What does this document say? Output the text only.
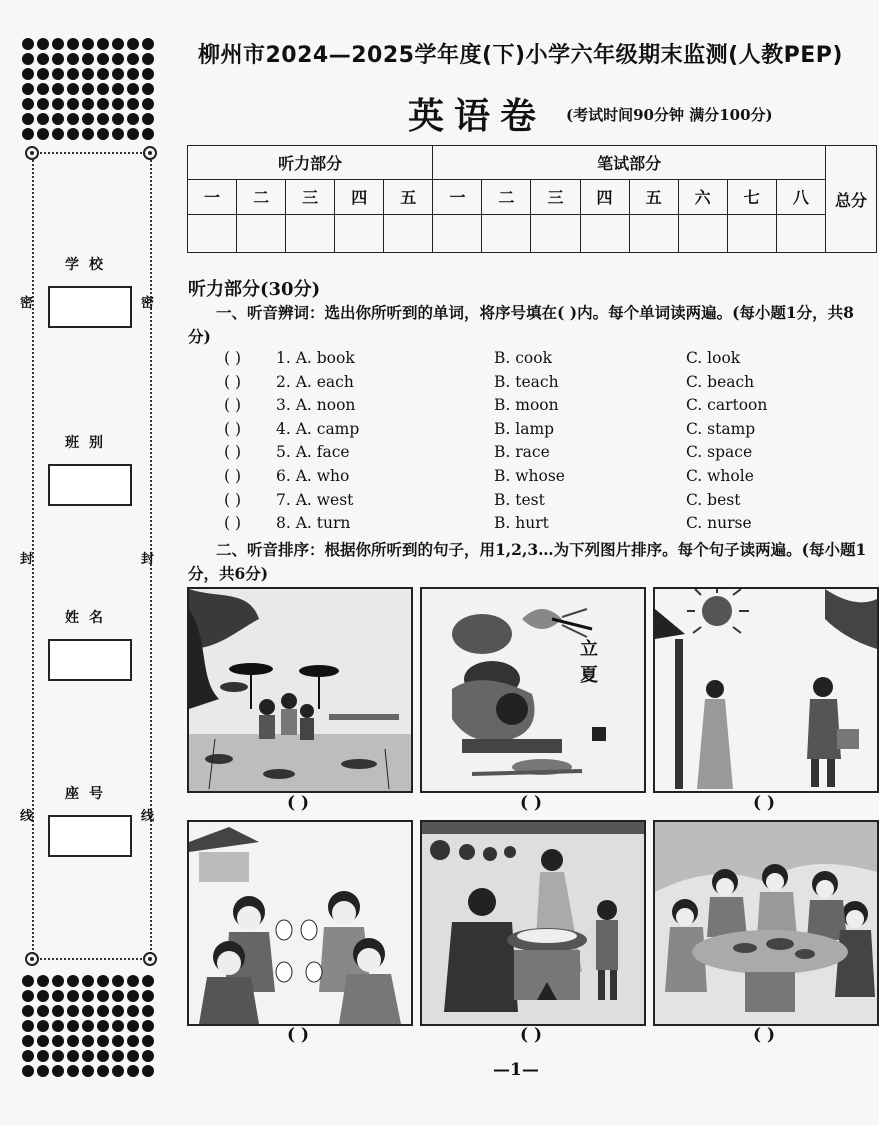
学校
班别
姓名
座号
密	密
封	封
线	线
柳州市2024—2025学年度(下)小学六年级期末监测(人教PEP)
英语卷 (考试时间90分钟 满分100分)
听力部分					笔试部分								总分
一	二	三	四	五	一	二	三	四	五	六	七	八	

听力部分(30分)
一、听音辨词：选出你所听到的单词，将序号填在( )内。每个单词读两遍。(每小题1分，共8分)
( ) 1. A. book	B. cook	C. look
( ) 2. A. each	B. teach	C. beach
( ) 3. A. noon	B. moon	C. cartoon
( ) 4. A. camp	B. lamp	C. stamp
( ) 5. A. face	B. race	C. space
( ) 6. A. who	B. whose	C. whole
( ) 7. A. west	B. test	C. best
( ) 8. A. turn	B. hurt	C. nurse
二、听音排序：根据你所听到的句子，用1,2,3…为下列图片排序。每个句子读两遍。(每小题1分，共6分)
( )
立
夏
( )	( )
( )	( )	( )
—1—
